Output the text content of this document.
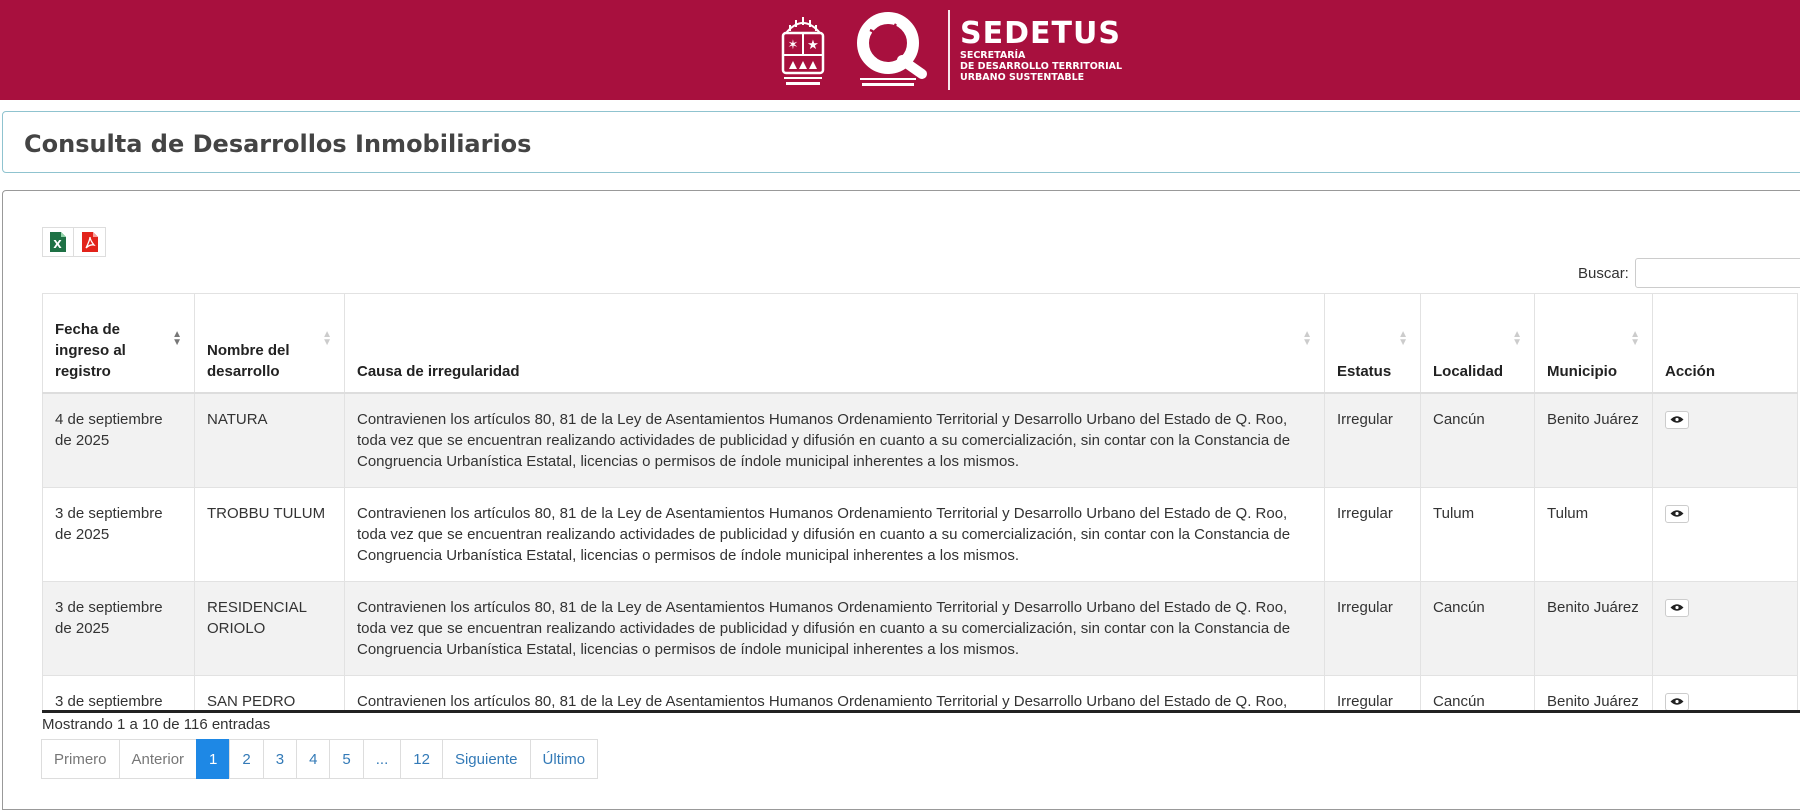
✶ ★	SEDETUS
SECRETARÍA
DE DESARROLLO TERRITORIAL
URBANO SUSTENTABLE
Consulta de Desarrollos Inmobiliarios
X
Buscar:
Fecha de ingreso al registro
▲
▼	Nombre del desarrollo
▲
▼	Causa de irregularidad
▲
▼	Estatus
▲
▼	Localidad
▲
▼	Municipio
▲
▼	Acción
4 de septiembre de 2025	NATURA	Contravienen los artículos 80, 81 de la Ley de Asentamientos Humanos Ordenamiento Territorial y Desarrollo Urbano del Estado de Q. Roo, toda vez que se encuentran realizando actividades de publicidad y difusión en cuanto a su comercialización, sin contar con la Constancia de Congruencia Urbanística Estatal, licencias o permisos de índole municipal inherentes a los mismos.	Irregular	Cancún	Benito Juárez	

3 de septiembre de 2025	TROBBU TULUM	Contravienen los artículos 80, 81 de la Ley de Asentamientos Humanos Ordenamiento Territorial y Desarrollo Urbano del Estado de Q. Roo, toda vez que se encuentran realizando actividades de publicidad y difusión en cuanto a su comercialización, sin contar con la Constancia de Congruencia Urbanística Estatal, licencias o permisos de índole municipal inherentes a los mismos.	Irregular	Tulum	Tulum	

3 de septiembre de 2025	RESIDENCIAL ORIOLO	Contravienen los artículos 80, 81 de la Ley de Asentamientos Humanos Ordenamiento Territorial y Desarrollo Urbano del Estado de Q. Roo, toda vez que se encuentran realizando actividades de publicidad y difusión en cuanto a su comercialización, sin contar con la Constancia de Congruencia Urbanística Estatal, licencias o permisos de índole municipal inherentes a los mismos.	Irregular	Cancún	Benito Juárez	

3 de septiembre	SAN PEDRO	Contravienen los artículos 80, 81 de la Ley de Asentamientos Humanos Ordenamiento Territorial y Desarrollo Urbano del Estado de Q. Roo,	Irregular	Cancún	Benito Juárez	
Mostrando 1 a 10 de 116 entradas
Primero	Anterior	1	2	3	4	5	...	12	Siguiente	Último
